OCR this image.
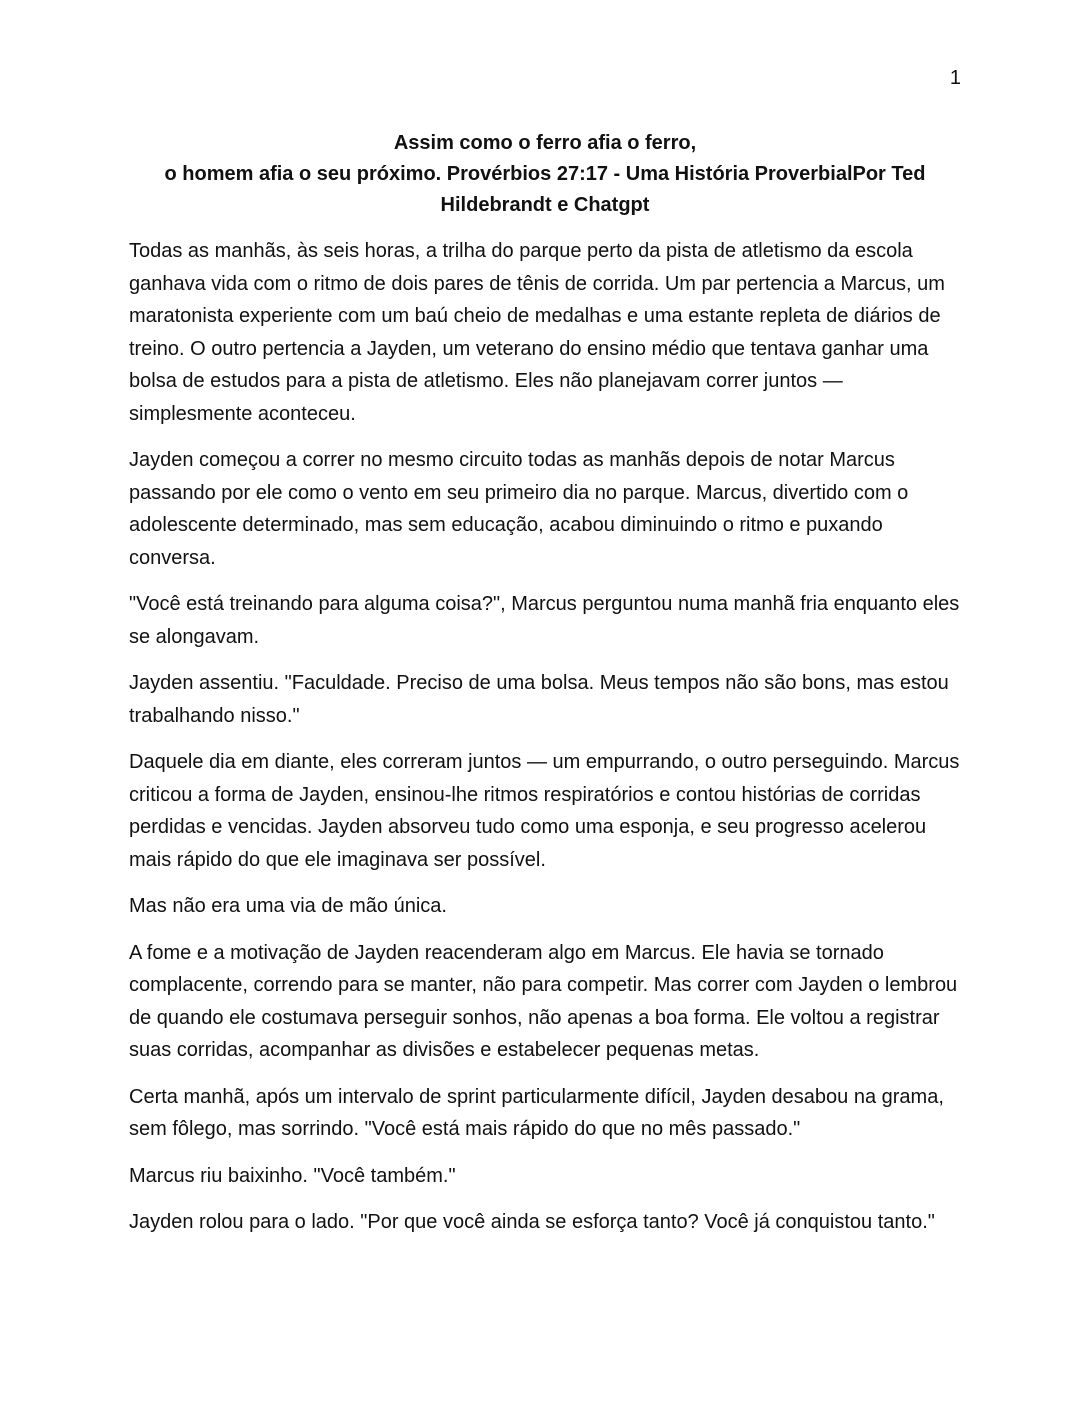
1
Assim como o ferro afia o ferro,
o homem afia o seu próximo. Provérbios 27:17 - Uma História ProverbialPor Ted
Hildebrandt e Chatgpt

Todas as manhãs, às seis horas, a trilha do parque perto da pista de atletismo da escola ganhava vida com o ritmo de dois pares de tênis de corrida. Um par pertencia a Marcus, um maratonista experiente com um baú cheio de medalhas e uma estante repleta de diários de treino. O outro pertencia a Jayden, um veterano do ensino médio que tentava ganhar uma bolsa de estudos para a pista de atletismo. Eles não planejavam correr juntos — simplesmente aconteceu.

Jayden começou a correr no mesmo circuito todas as manhãs depois de notar Marcus passando por ele como o vento em seu primeiro dia no parque. Marcus, divertido com o adolescente determinado, mas sem educação, acabou diminuindo o ritmo e puxando conversa.

"Você está treinando para alguma coisa?", Marcus perguntou numa manhã fria enquanto eles se alongavam.

Jayden assentiu. "Faculdade. Preciso de uma bolsa. Meus tempos não são bons, mas estou trabalhando nisso."

Daquele dia em diante, eles correram juntos — um empurrando, o outro perseguindo. Marcus criticou a forma de Jayden, ensinou-lhe ritmos respiratórios e contou histórias de corridas perdidas e vencidas. Jayden absorveu tudo como uma esponja, e seu progresso acelerou mais rápido do que ele imaginava ser possível.

Mas não era uma via de mão única.

A fome e a motivação de Jayden reacenderam algo em Marcus. Ele havia se tornado complacente, correndo para se manter, não para competir. Mas correr com Jayden o lembrou de quando ele costumava perseguir sonhos, não apenas a boa forma. Ele voltou a registrar suas corridas, acompanhar as divisões e estabelecer pequenas metas.

Certa manhã, após um intervalo de sprint particularmente difícil, Jayden desabou na grama, sem fôlego, mas sorrindo. "Você está mais rápido do que no mês passado."

Marcus riu baixinho. "Você também."

Jayden rolou para o lado. "Por que você ainda se esforça tanto? Você já conquistou tanto."
